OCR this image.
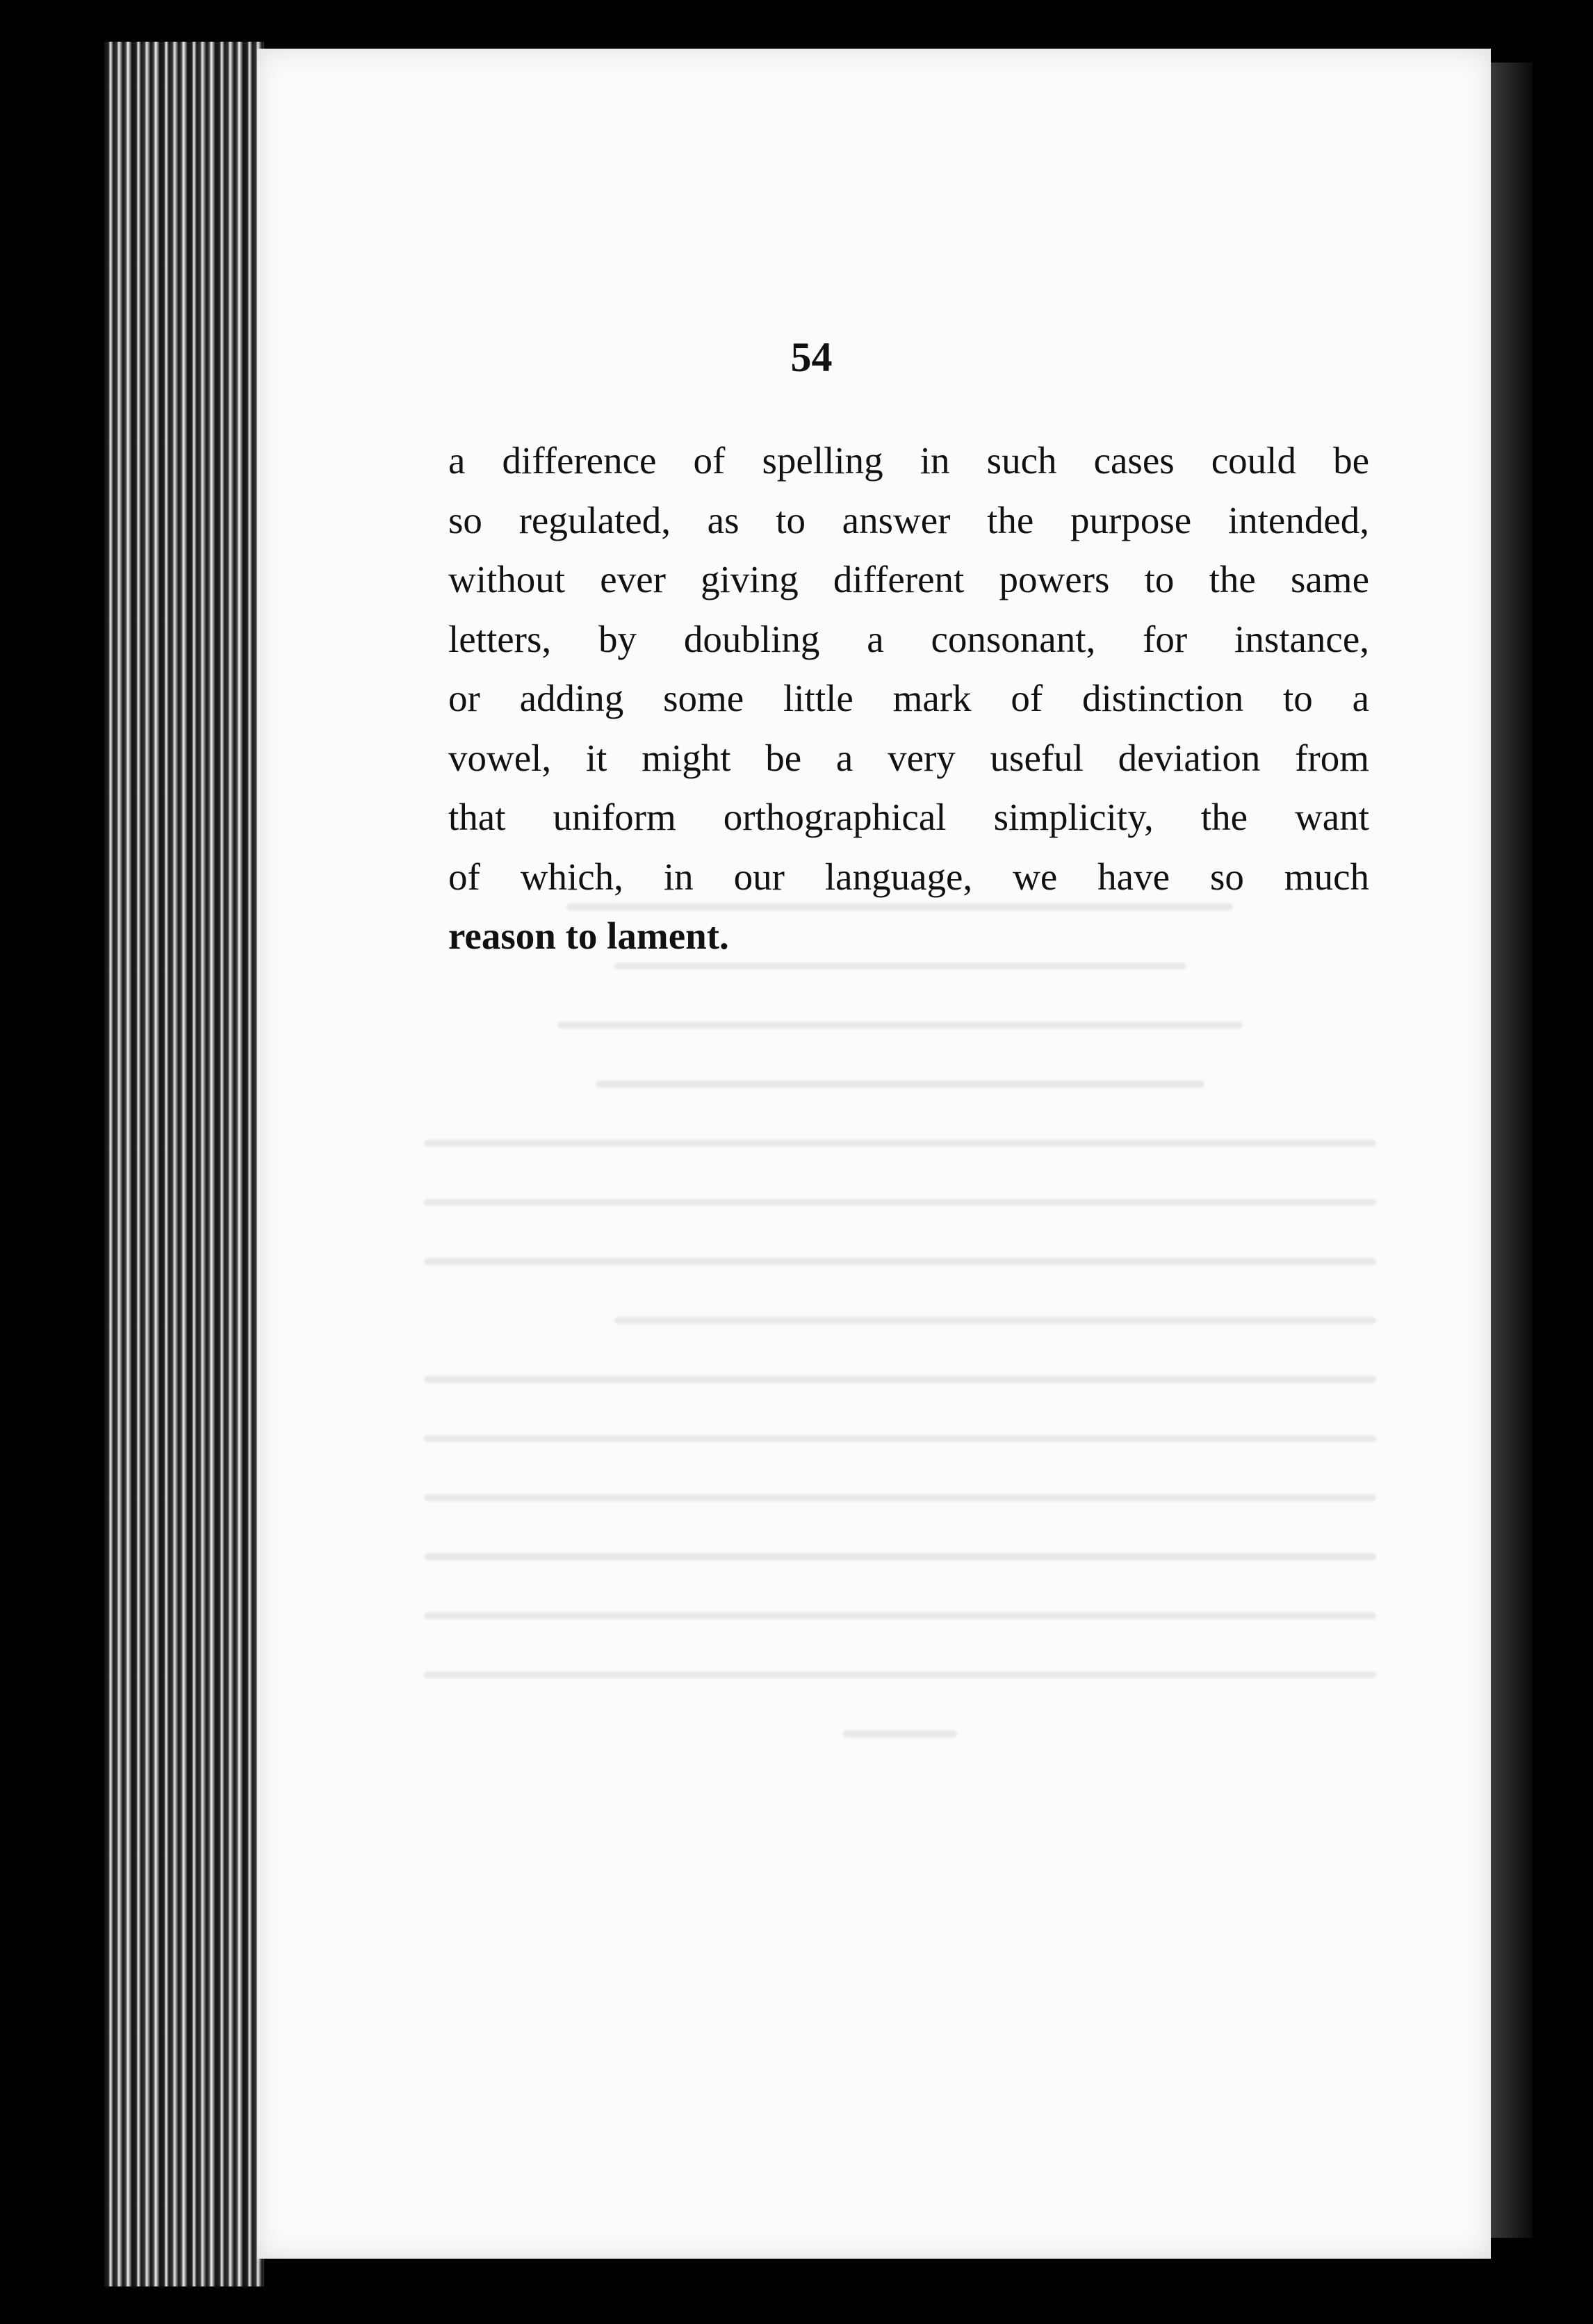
54

a difference of spelling in such cases could be
so regulated, as to answer the purpose intended,
without ever giving different powers to the same
letters, by doubling a consonant, for instance,
or adding some little mark of distinction to a
vowel, it might be a very useful deviation from
that uniform orthographical simplicity, the want
of which, in our language, we have so much
reason to lament.
